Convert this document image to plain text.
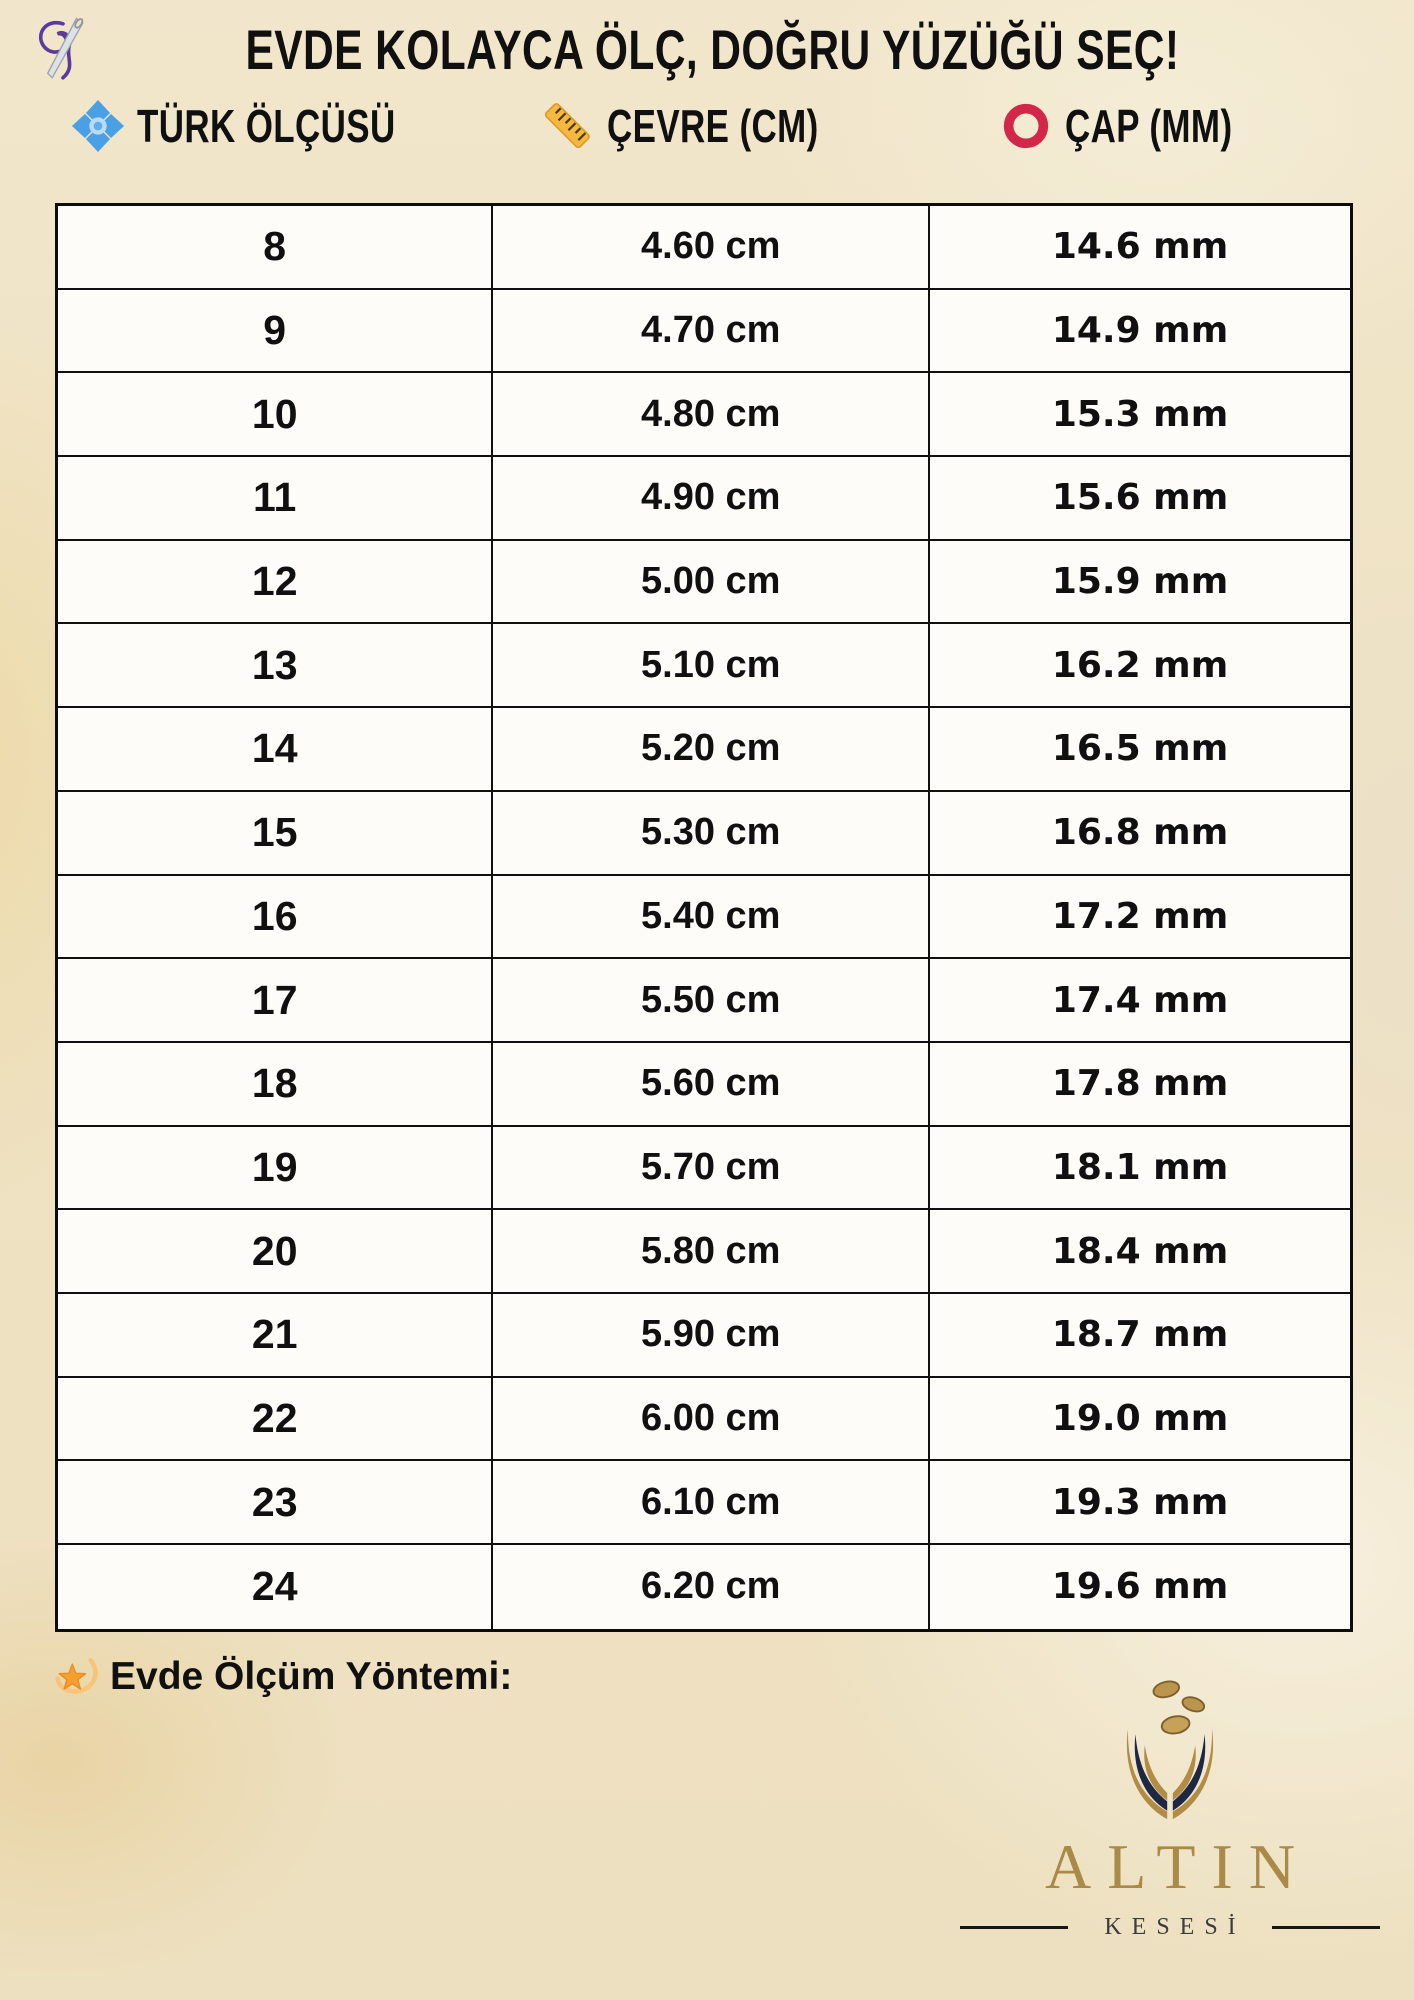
EVDE KOLAYCA ÖLÇ, DOĞRU YÜZÜĞÜ SEÇ!
TÜRK ÖLÇÜSÜ	ÇEVRE (CM)	ÇAP (MM)
8	4.60 cm	14.6 mm
9	4.70 cm	14.9 mm
10	4.80 cm	15.3 mm
11	4.90 cm	15.6 mm
12	5.00 cm	15.9 mm
13	5.10 cm	16.2 mm
14	5.20 cm	16.5 mm
15	5.30 cm	16.8 mm
16	5.40 cm	17.2 mm
17	5.50 cm	17.4 mm
18	5.60 cm	17.8 mm
19	5.70 cm	18.1 mm
20	5.80 cm	18.4 mm
21	5.90 cm	18.7 mm
22	6.00 cm	19.0 mm
23	6.10 cm	19.3 mm
24	6.20 cm	19.6 mm
Evde Ölçüm Yöntemi:
ALTIN
KESESİ
